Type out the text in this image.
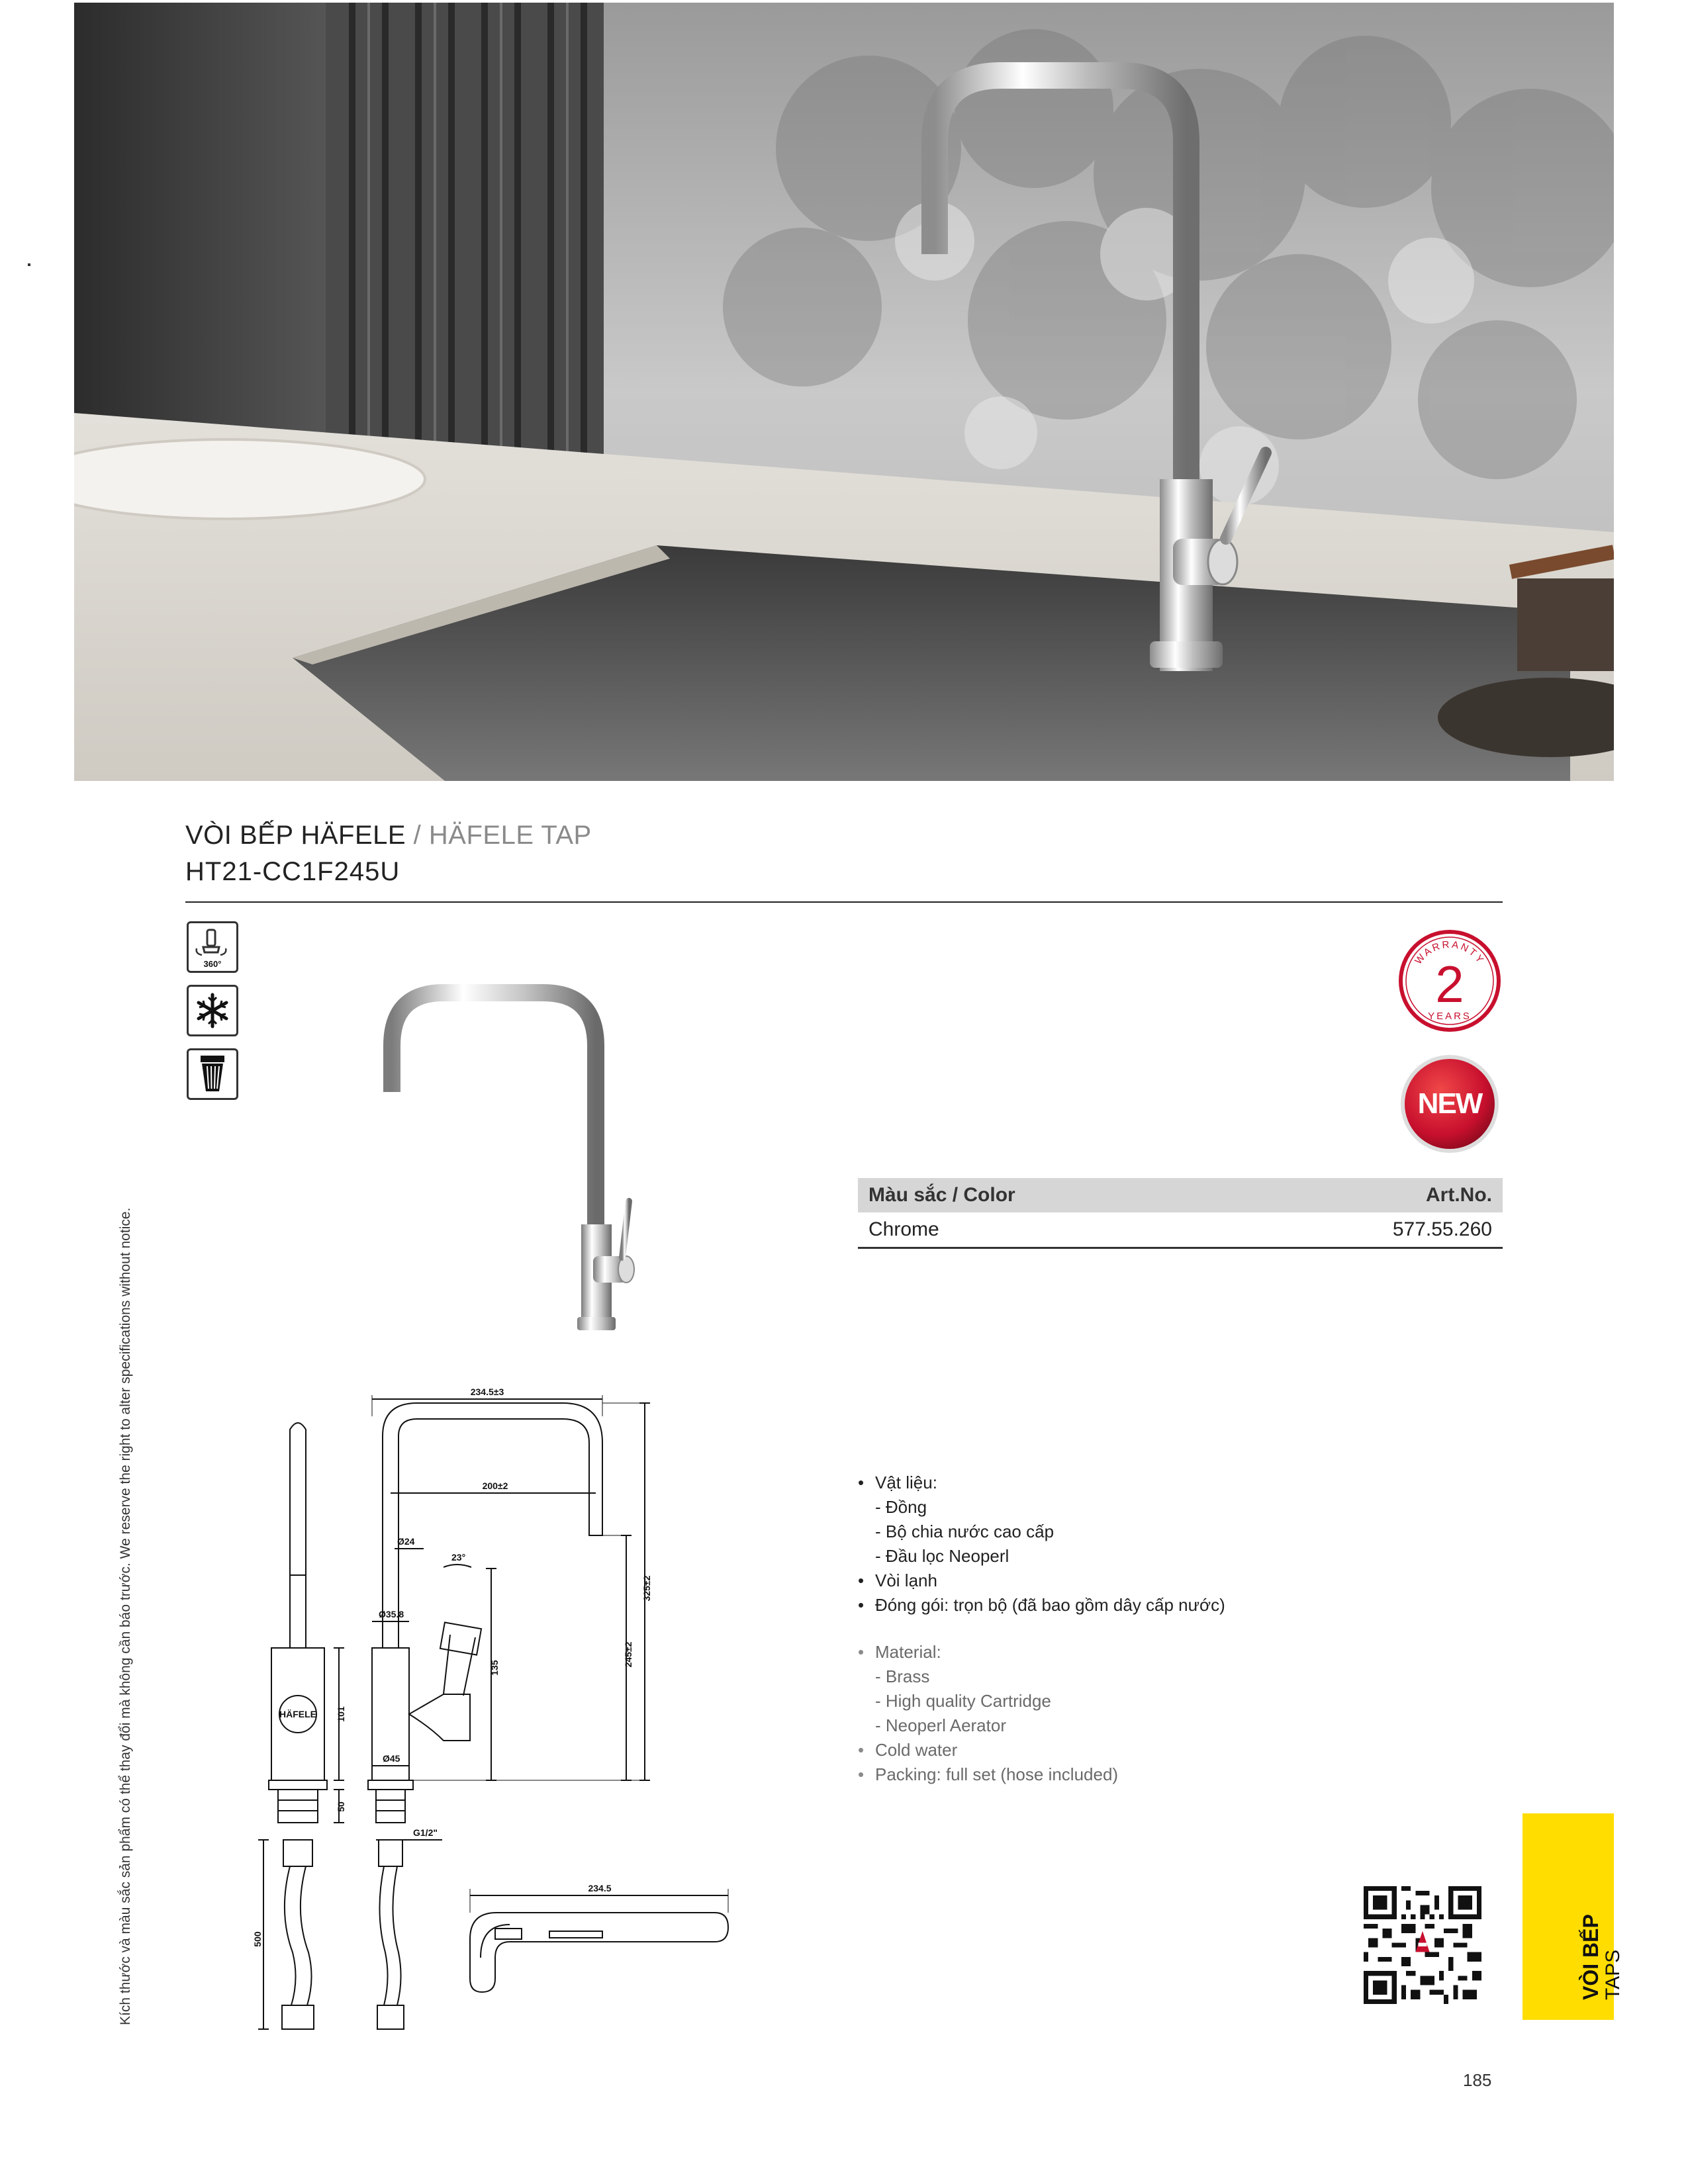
VÒI BẾP HÄFELE / HÄFELE TAP
HT21-CC1F245U
360°	WARRANTY
2
YEARS
NEW
Màu sắc / Color	Art.No.
Chrome	577.55.260
Kích thước và màu sắc sản phẩm có thể thay đổi mà không cần báo trước. We reserve the right to alter specifications without notice.	HÄFELE
500
101
50
234.5±3
200±2
Ø24
23°
Ø35.8
Ø45
135
245±2
325±2
G1/2"
234.5
• Vật liệu:
- Đồng
- Bộ chia nước cao cấp
- Đầu lọc Neoperl
• Vòi lạnh
• Đóng gói: trọn bộ (đã bao gồm dây cấp nước)
• Material:
- Brass
- High quality Cartridge
- Neoperl Aerator
• Cold water
• Packing: full set (hose included)
VÒI BẾP TAPS
185
